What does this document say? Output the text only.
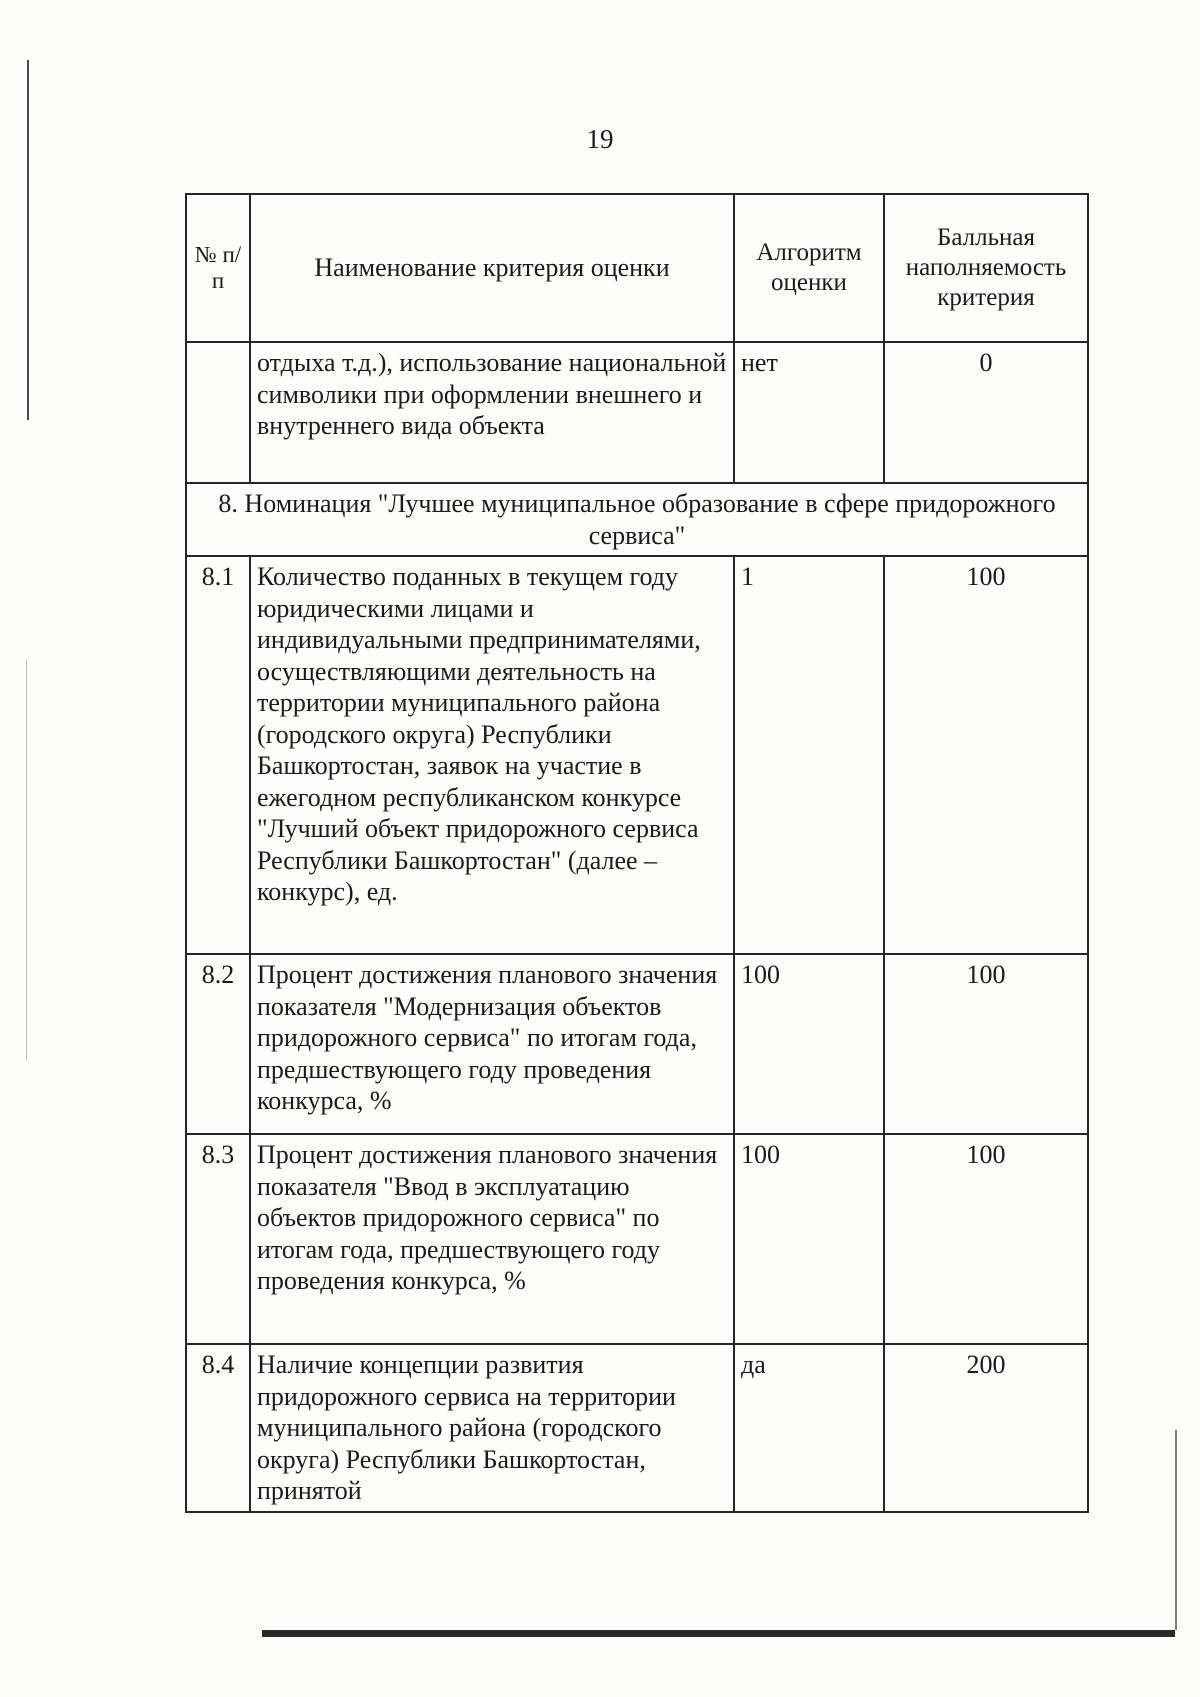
19
№ п/п	Наименование критерия оценки	Алгоритм оценки	Балльная наполняемость критерия
	отдыха т.д.), использование национальной символики при оформлении внешнего и внутреннего вида объекта	нет	0
8. Номинация "Лучшее муниципальное образование в сфере придорожного сервиса"			
8.1	Количество поданных в текущем году юридическими лицами и индивидуальными предпринимателями, осуществляющими деятельность на территории муниципального района (городского округа) Республики Башкортостан, заявок на участие в ежегодном республиканском конкурсе "Лучший объект придорожного сервиса Республики Башкортостан" (далее – конкурс), ед.	1	100
8.2	Процент достижения планового значения показателя "Модернизация объектов придорожного сервиса" по итогам года, предшествующего году проведения конкурса, %	100	100
8.3	Процент достижения планового значения показателя "Ввод в эксплуатацию объектов придорожного сервиса" по итогам года, предшествующего году проведения конкурса, %	100	100
8.4	Наличие концепции развития придорожного сервиса на территории муниципального района (городского округа) Республики Башкортостан, принятой	да	200
